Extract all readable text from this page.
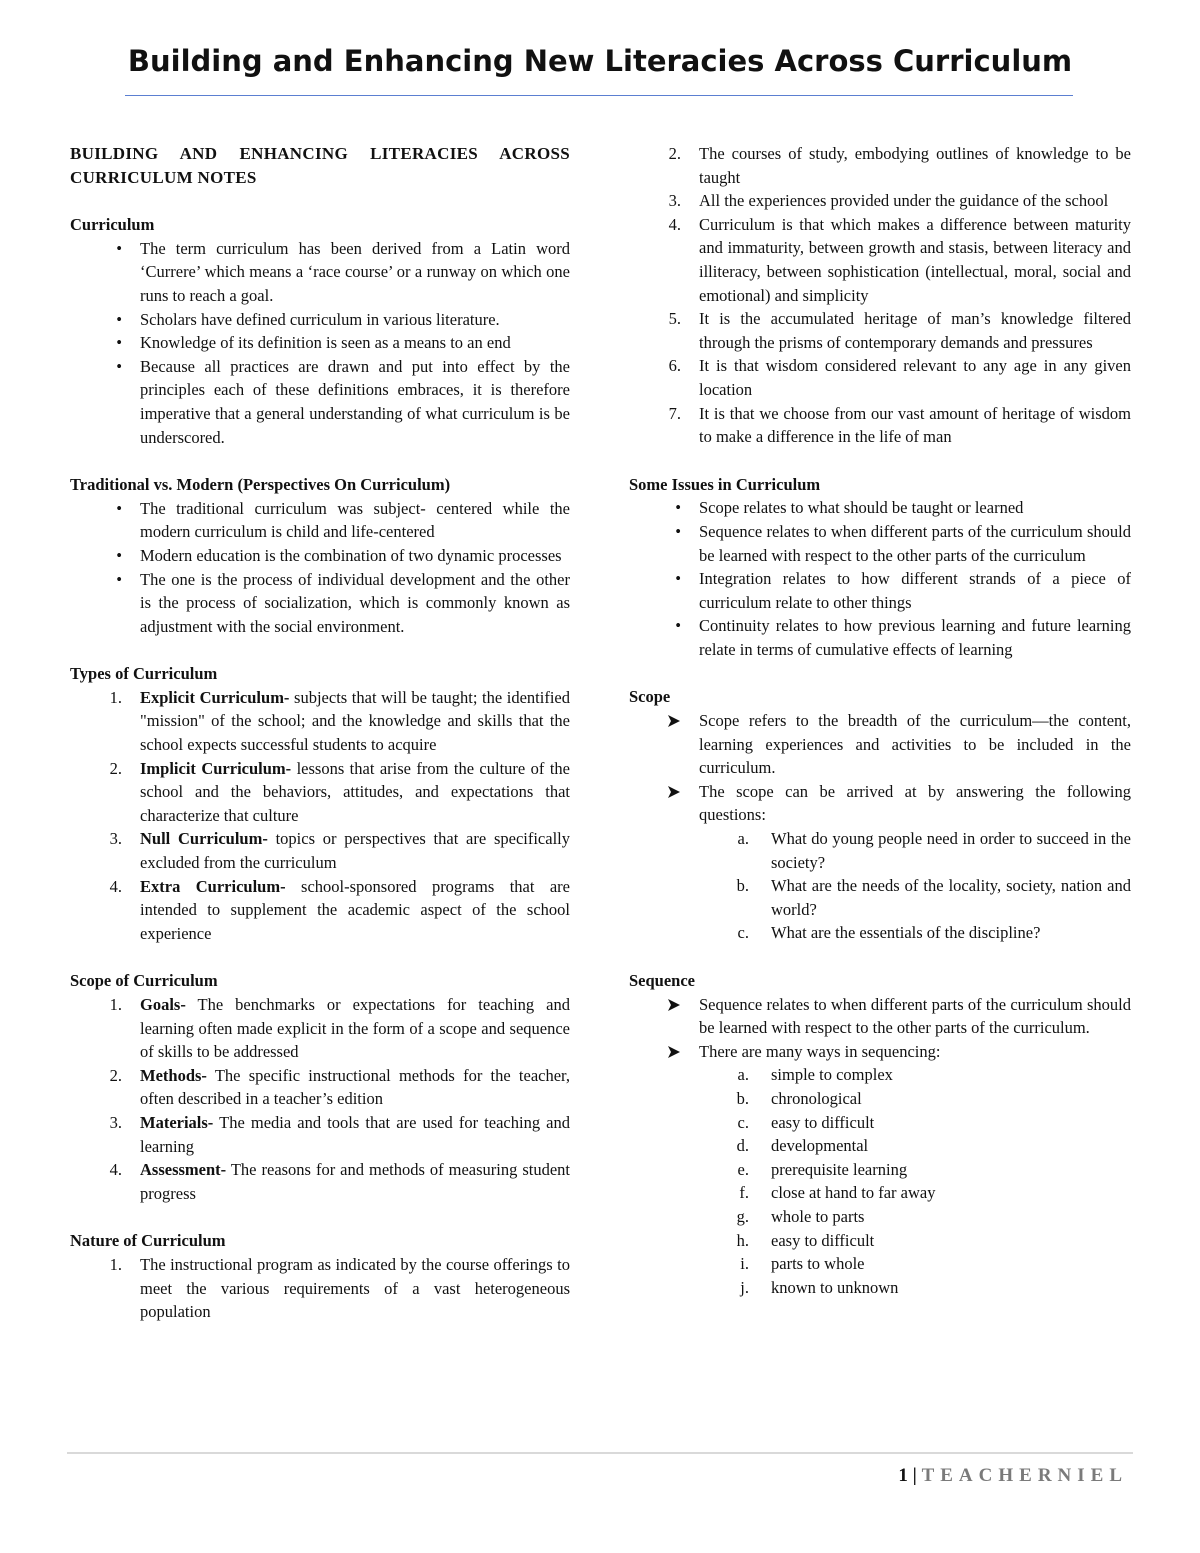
Building and Enhancing New Literacies Across Curriculum

BUILDING AND ENHANCING LITERACIES ACROSS CURRICULUM NOTES

Curriculum

• The term curriculum has been derived from a Latin word ‘Currere’ which means a ‘race course’ or a runway on which one runs to reach a goal.
• Scholars have defined curriculum in various literature.
• Knowledge of its definition is seen as a means to an end
• Because all practices are drawn and put into effect by the principles each of these definitions embraces, it is therefore imperative that a general understanding of what curriculum is be underscored.

Traditional vs. Modern (Perspectives On Curriculum)

• The traditional curriculum was subject- centered while the modern curriculum is child and life-centered
• Modern education is the combination of two dynamic processes
• The one is the process of individual development and the other is the process of socialization, which is commonly known as adjustment with the social environment.

Types of Curriculum

1. Explicit Curriculum- subjects that will be taught; the identified "mission" of the school; and the knowledge and skills that the school expects successful students to acquire
2. Implicit Curriculum- lessons that arise from the culture of the school and the behaviors, attitudes, and expectations that characterize that culture
3. Null Curriculum- topics or perspectives that are specifically excluded from the curriculum
4. Extra Curriculum- school-sponsored programs that are intended to supplement the academic aspect of the school experience

Scope of Curriculum

1. Goals- The benchmarks or expectations for teaching and learning often made explicit in the form of a scope and sequence of skills to be addressed
2. Methods- The specific instructional methods for the teacher, often described in a teacher’s edition
3. Materials- The media and tools that are used for teaching and learning
4. Assessment- The reasons for and methods of measuring student progress

Nature of Curriculum

1. The instructional program as indicated by the course offerings to meet the various requirements of a vast heterogeneous population
2. The courses of study, embodying outlines of knowledge to be taught
3. All the experiences provided under the guidance of the school
4. Curriculum is that which makes a difference between maturity and immaturity, between growth and stasis, between literacy and illiteracy, between sophistication (intellectual, moral, social and emotional) and simplicity
5. It is the accumulated heritage of man’s knowledge filtered through the prisms of contemporary demands and pressures
6. It is that wisdom considered relevant to any age in any given location
7. It is that we choose from our vast amount of heritage of wisdom to make a difference in the life of man

Some Issues in Curriculum

• Scope relates to what should be taught or learned
• Sequence relates to when different parts of the curriculum should be learned with respect to the other parts of the curriculum
• Integration relates to how different strands of a piece of curriculum relate to other things
• Continuity relates to how previous learning and future learning relate in terms of cumulative effects of learning

Scope

Scope refers to the breadth of the curriculum—the content, learning experiences and activities to be included in the curriculum.
The scope can be arrived at by answering the following questions:
a. What do young people need in order to succeed in the society?
b. What are the needs of the locality, society, nation and world?
c. What are the essentials of the discipline?

Sequence

Sequence relates to when different parts of the curriculum should be learned with respect to the other parts of the curriculum.
There are many ways in sequencing:
a. simple to complex
b. chronological
c. easy to difficult
d. developmental
e. prerequisite learning
f. close at hand to far away
g. whole to parts
h. easy to difficult
i. parts to whole
j. known to unknown
1 | TEACHERNIEL
